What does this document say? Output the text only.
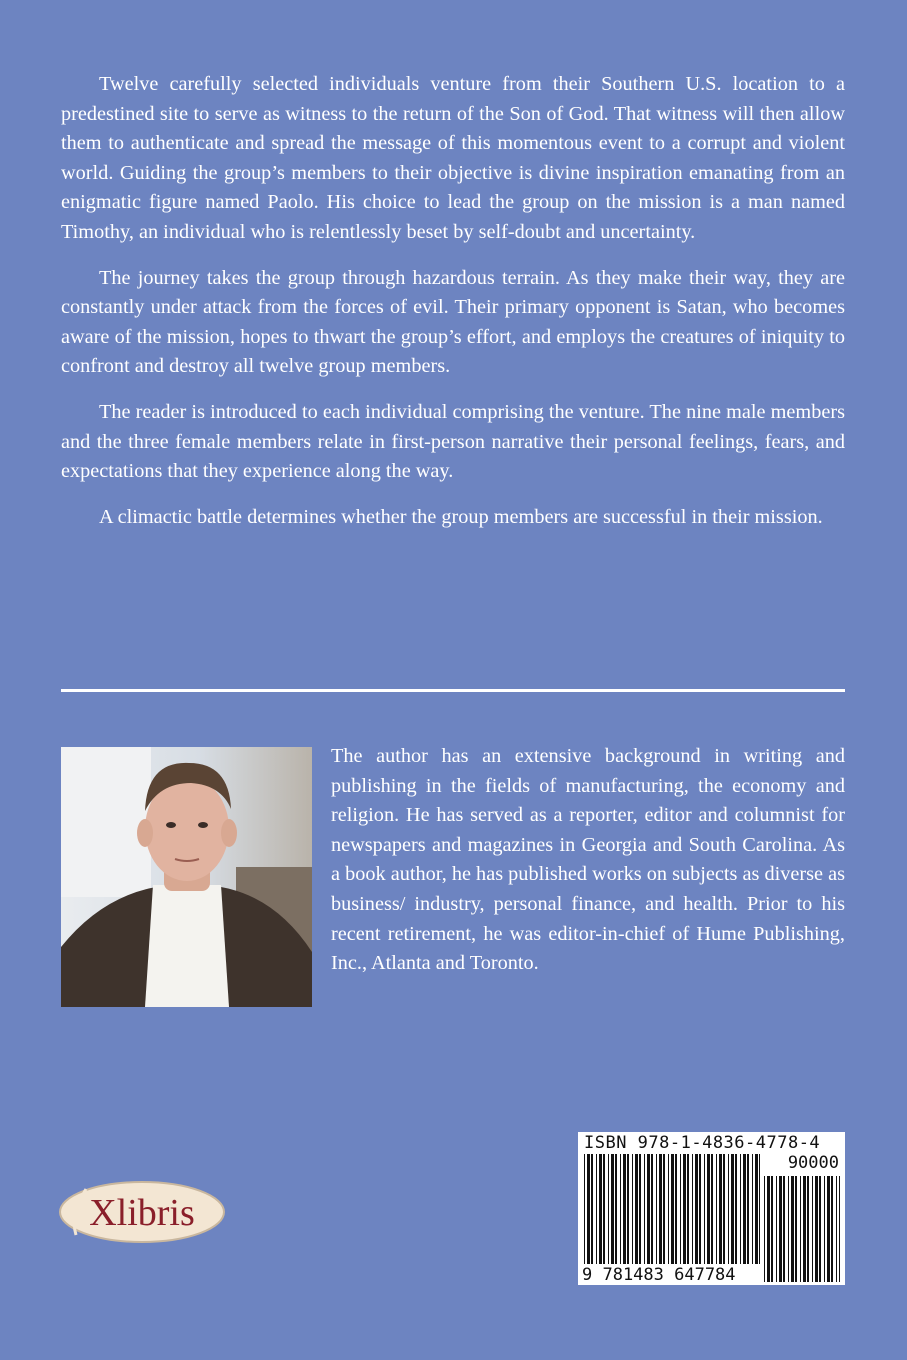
Twelve carefully selected individuals venture from their Southern U.S. location to a predestined site to serve as witness to the return of the Son of God. That witness will then allow them to authenticate and spread the message of this momentous event to a corrupt and violent world. Guiding the group’s members to their objective is divine inspiration emanating from an enigmatic figure named Paolo. His choice to lead the group on the mission is a man named Timothy, an individual who is relentlessly beset by self-doubt and uncertainty.

The journey takes the group through hazardous terrain. As they make their way, they are constantly under attack from the forces of evil. Their primary opponent is Satan, who becomes aware of the mission, hopes to thwart the group’s effort, and employs the creatures of iniquity to confront and destroy all twelve group members.

The reader is introduced to each individual comprising the venture. The nine male members and the three female members relate in first-person narrative their personal feelings, fears, and expectations that they experience along the way.

A climactic battle determines whether the group members are successful in their mission.

The author has an extensive background in writing and publishing in the fields of manufacturing, the economy and religion. He has served as a reporter, editor and columnist for newspapers and magazines in Georgia and South Carolina. As a book author, he has published works on subjects as diverse as business/ industry, personal finance, and health. Prior to his recent retirement, he was editor-in-chief of Hume Publishing, Inc., Atlanta and Toronto.

Xlibris
ISBN 978-1-4836-4778-4
90000
9 781483 647784
